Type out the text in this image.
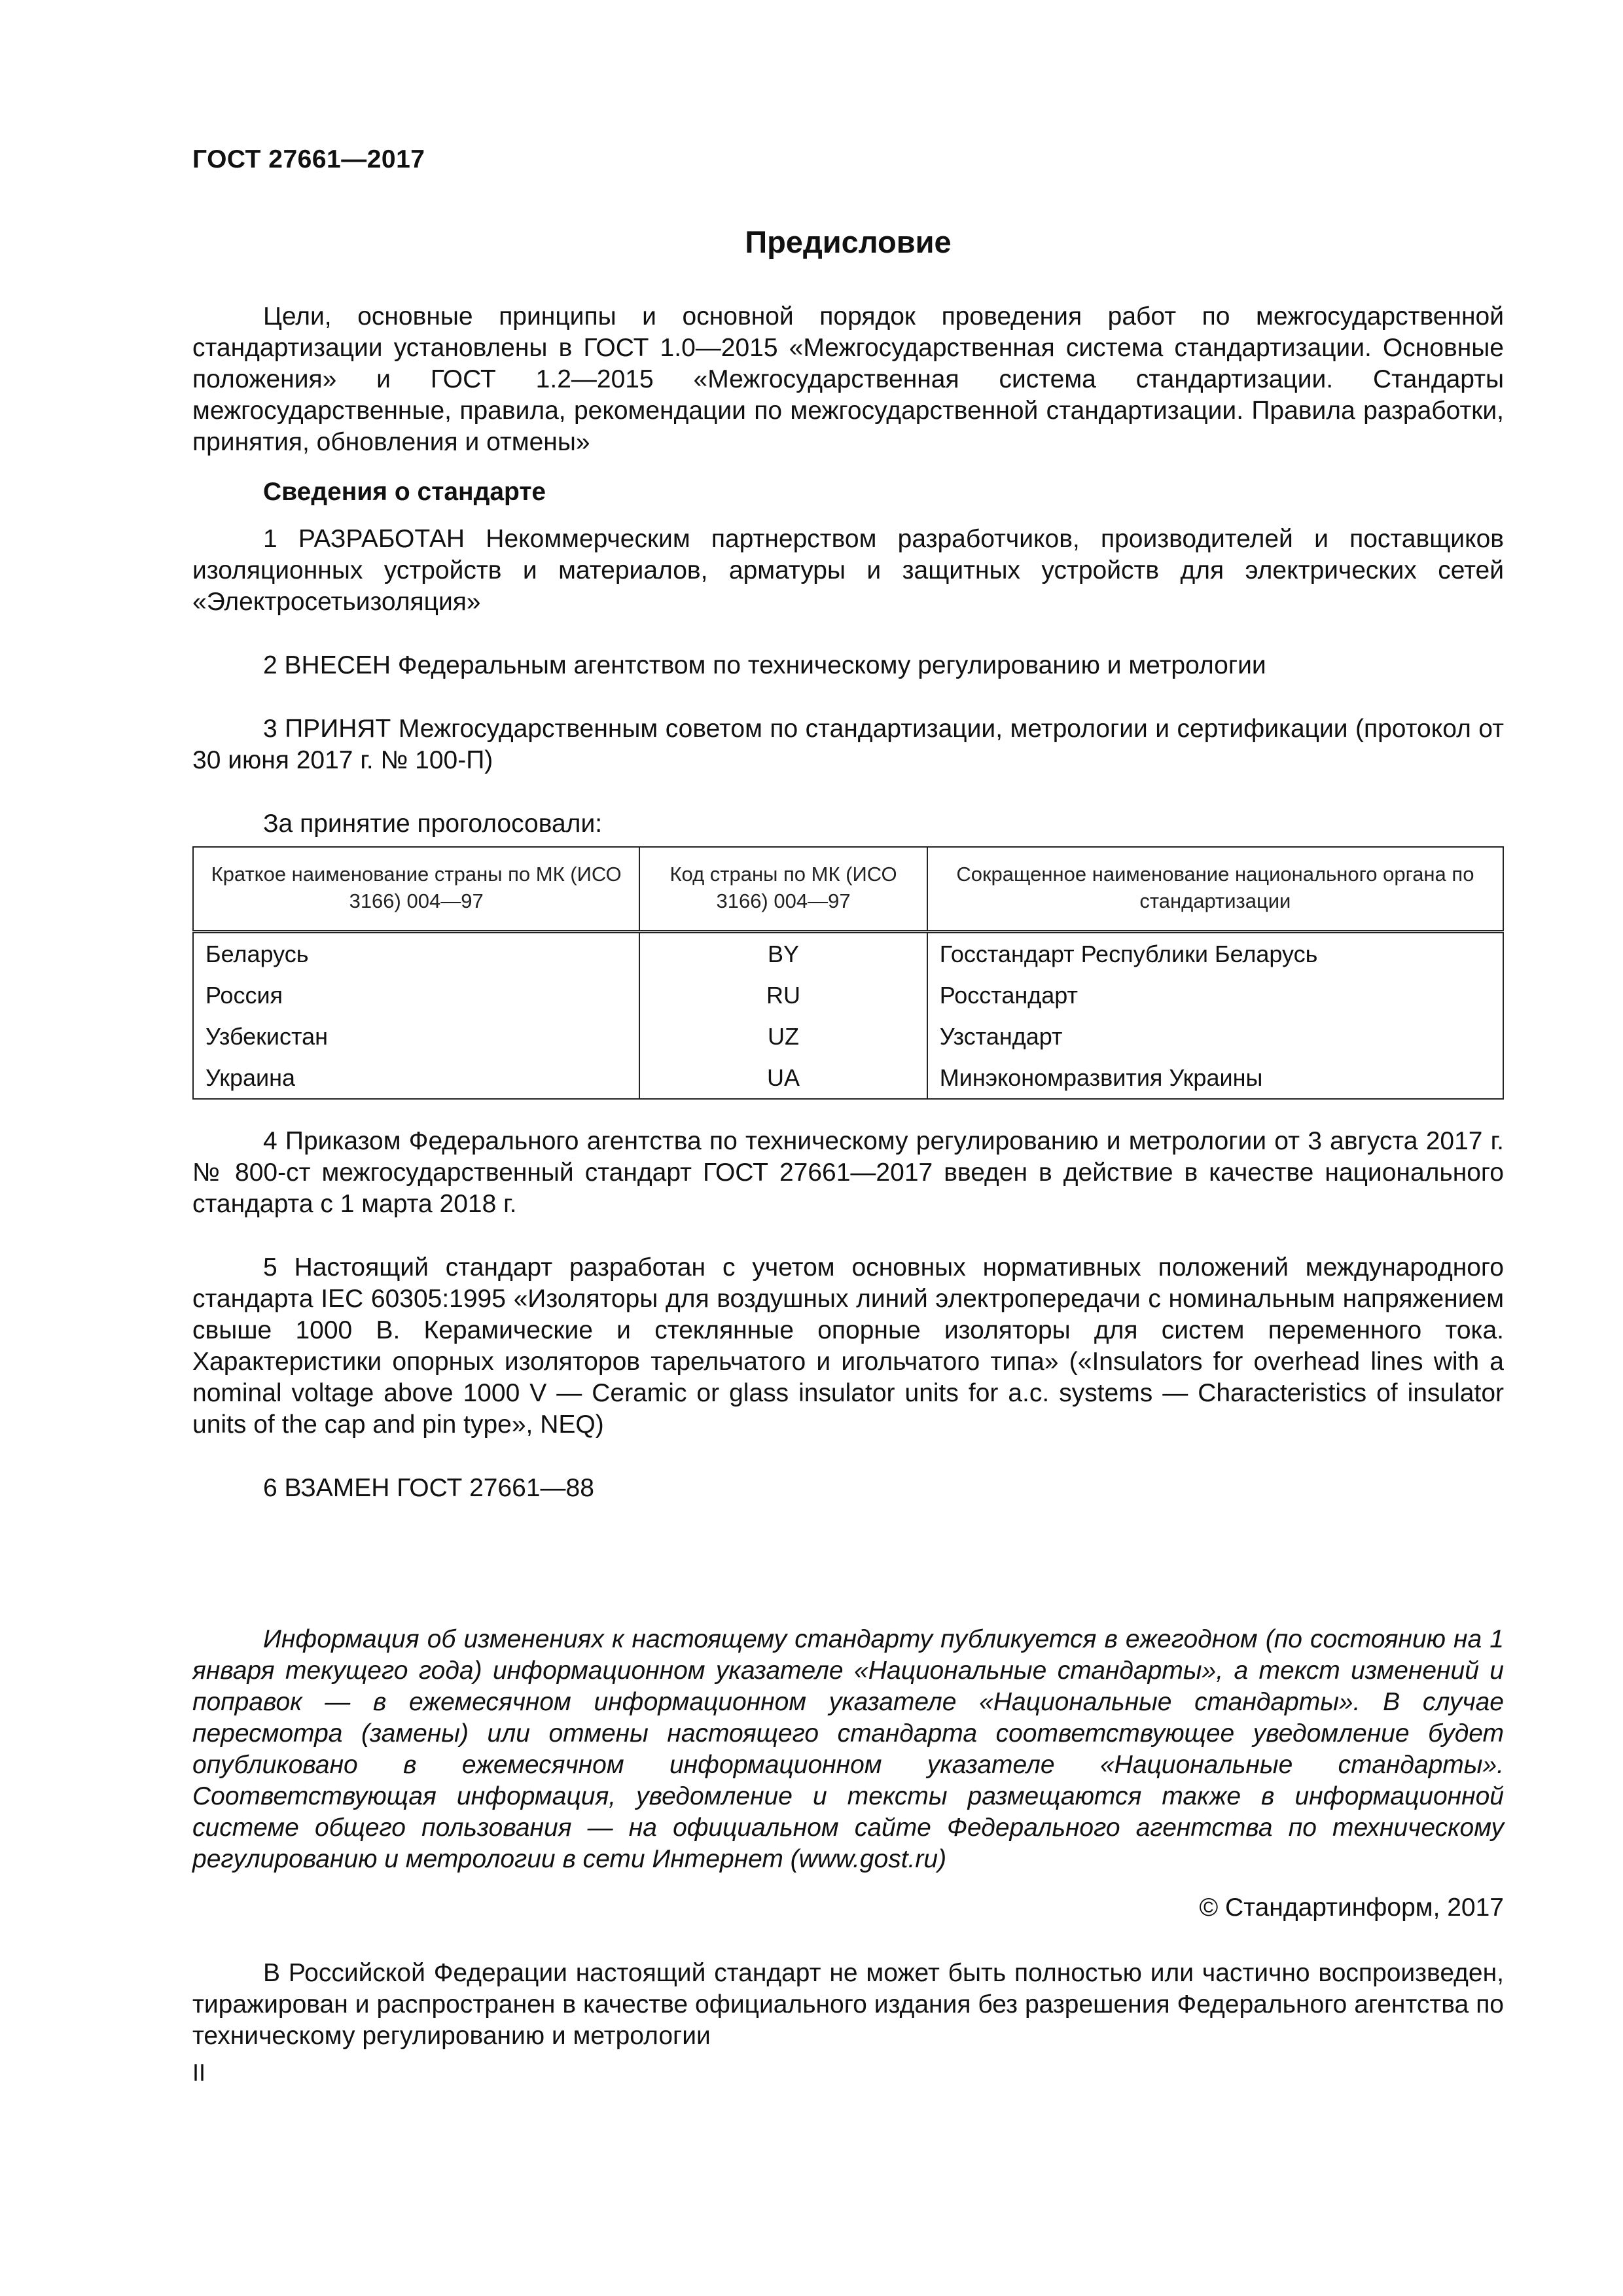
ГОСТ 27661—2017
Предисловие

Цели, основные принципы и основной порядок проведения работ по межгосударственной стандартизации установлены в ГОСТ 1.0—2015 «Межгосударственная система стандартизации. Основные положения» и ГОСТ 1.2—2015 «Межгосударственная система стандартизации. Стандарты межгосударственные, правила, рекомендации по межгосударственной стандартизации. Правила разработки, принятия, обновления и отмены»

Сведения о стандарте

1 РАЗРАБОТАН Некоммерческим партнерством разработчиков, производителей и поставщиков изоляционных устройств и материалов, арматуры и защитных устройств для электрических сетей «Электросетьизоляция»

2 ВНЕСЕН Федеральным агентством по техническому регулированию и метрологии

3 ПРИНЯТ Межгосударственным советом по стандартизации, метрологии и сертификации (протокол от 30 июня 2017 г. № 100-П)

За принятие проголосовали:

Краткое наименование страны по МК (ИСО 3166) 004—97	Код страны по МК (ИСО 3166) 004—97	Сокращенное наименование национального органа по стандартизации
Беларусь	BY	Госстандарт Республики Беларусь
Россия	RU	Росстандарт
Узбекистан	UZ	Узстандарт
Украина	UA	Минэкономразвития Украины

4 Приказом Федерального агентства по техническому регулированию и метрологии от 3 августа 2017 г. № 800-ст межгосударственный стандарт ГОСТ 27661—2017 введен в действие в качестве национального стандарта с 1 марта 2018 г.

5 Настоящий стандарт разработан с учетом основных нормативных положений международного стандарта IEC 60305:1995 «Изоляторы для воздушных линий электропередачи с номинальным напряжением свыше 1000 В. Керамические и стеклянные опорные изоляторы для систем переменного тока. Характеристики опорных изоляторов тарельчатого и игольчатого типа» («Insulators for overhead lines with a nominal voltage above 1000 V — Ceramic or glass insulator units for a.c. systems — Characteristics of insulator units of the cap and pin type», NEQ)

6 ВЗАМЕН ГОСТ 27661—88

Информация об изменениях к настоящему стандарту публикуется в ежегодном (по состоянию на 1 января текущего года) информационном указателе «Национальные стандарты», а текст изменений и поправок — в ежемесячном информационном указателе «Национальные стандарты». В случае пересмотра (замены) или отмены настоящего стандарта соответствующее уведомление будет опубликовано в ежемесячном информационном указателе «Национальные стандарты». Соответствующая информация, уведомление и тексты размещаются также в информационной системе общего пользования — на официальном сайте Федерального агентства по техническому регулированию и метрологии в сети Интернет (www.gost.ru)

© Стандартинформ, 2017

В Российской Федерации настоящий стандарт не может быть полностью или частично воспроизведен, тиражирован и распространен в качестве официального издания без разрешения Федерального агентства по техническому регулированию и метрологии

II
